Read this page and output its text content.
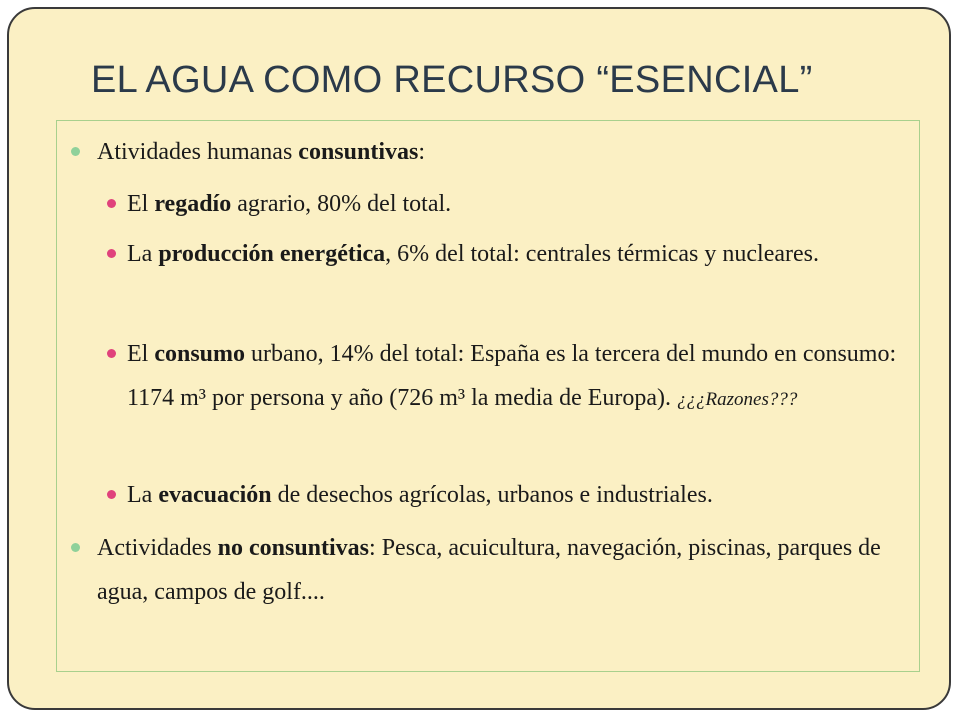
EL AGUA COMO RECURSO “ESENCIAL”
Atividades humanas consuntivas:
El regadío agrario, 80% del total.
La producción energética, 6% del total: centrales térmicas y nucleares.
El consumo urbano, 14% del total: España es la tercera del mundo en consumo: 1174 m³ por persona y año (726 m³ la media de Europa). ¿¿¿Razones???
La evacuación de desechos agrícolas, urbanos e industriales.
Actividades no consuntivas: Pesca, acuicultura, navegación, piscinas, parques de agua, campos de golf....
